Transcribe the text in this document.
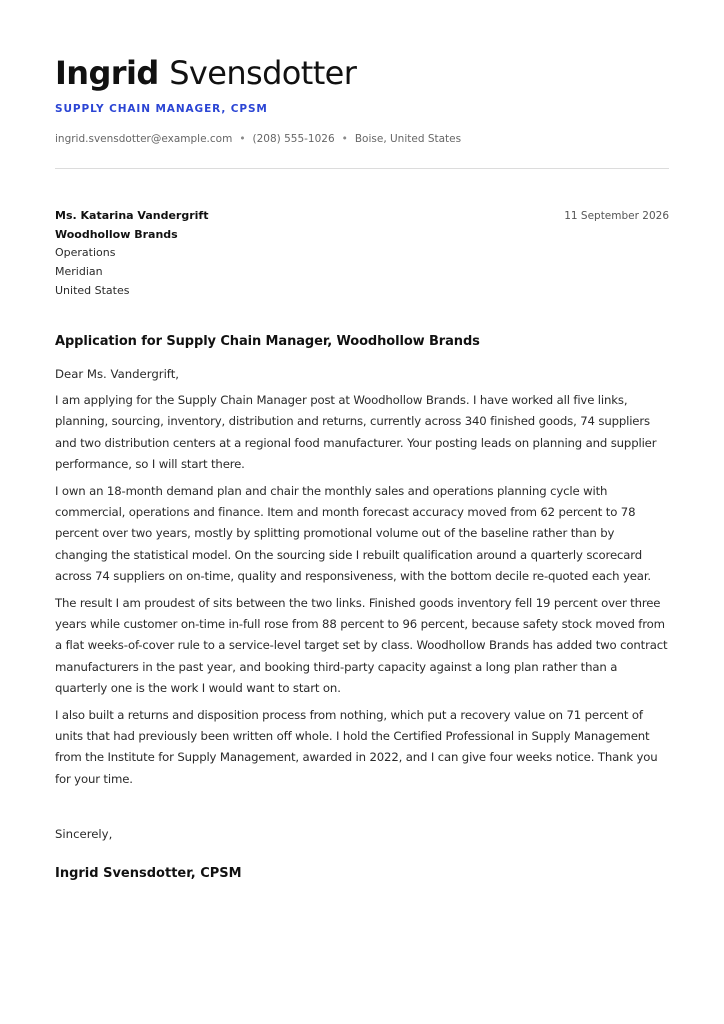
Ingrid Svensdotter
SUPPLY CHAIN MANAGER, CPSM
ingrid.svensdotter@example.com • (208) 555-1026 • Boise, United States
Ms. Katarina Vandergrift
Woodhollow Brands
Operations
Meridian
United States
11 September 2026
Application for Supply Chain Manager, Woodhollow Brands
Dear Ms. Vandergrift,

I am applying for the Supply Chain Manager post at Woodhollow Brands. I have worked all five links, planning, sourcing, inventory, distribution and returns, currently across 340 finished goods, 74 suppliers and two distribution centers at a regional food manufacturer. Your posting leads on planning and supplier performance, so I will start there.

I own an 18-month demand plan and chair the monthly sales and operations planning cycle with commercial, operations and finance. Item and month forecast accuracy moved from 62 percent to 78 percent over two years, mostly by splitting promotional volume out of the baseline rather than by changing the statistical model. On the sourcing side I rebuilt qualification around a quarterly scorecard across 74 suppliers on on-time, quality and responsiveness, with the bottom decile re-quoted each year.

The result I am proudest of sits between the two links. Finished goods inventory fell 19 percent over three years while customer on-time in-full rose from 88 percent to 96 percent, because safety stock moved from a flat weeks-of-cover rule to a service-level target set by class. Woodhollow Brands has added two contract manufacturers in the past year, and booking third-party capacity against a long plan rather than a quarterly one is the work I would want to start on.

I also built a returns and disposition process from nothing, which put a recovery value on 71 percent of units that had previously been written off whole. I hold the Certified Professional in Supply Management from the Institute for Supply Management, awarded in 2022, and I can give four weeks notice. Thank you for your time.

Sincerely,
Ingrid Svensdotter, CPSM
